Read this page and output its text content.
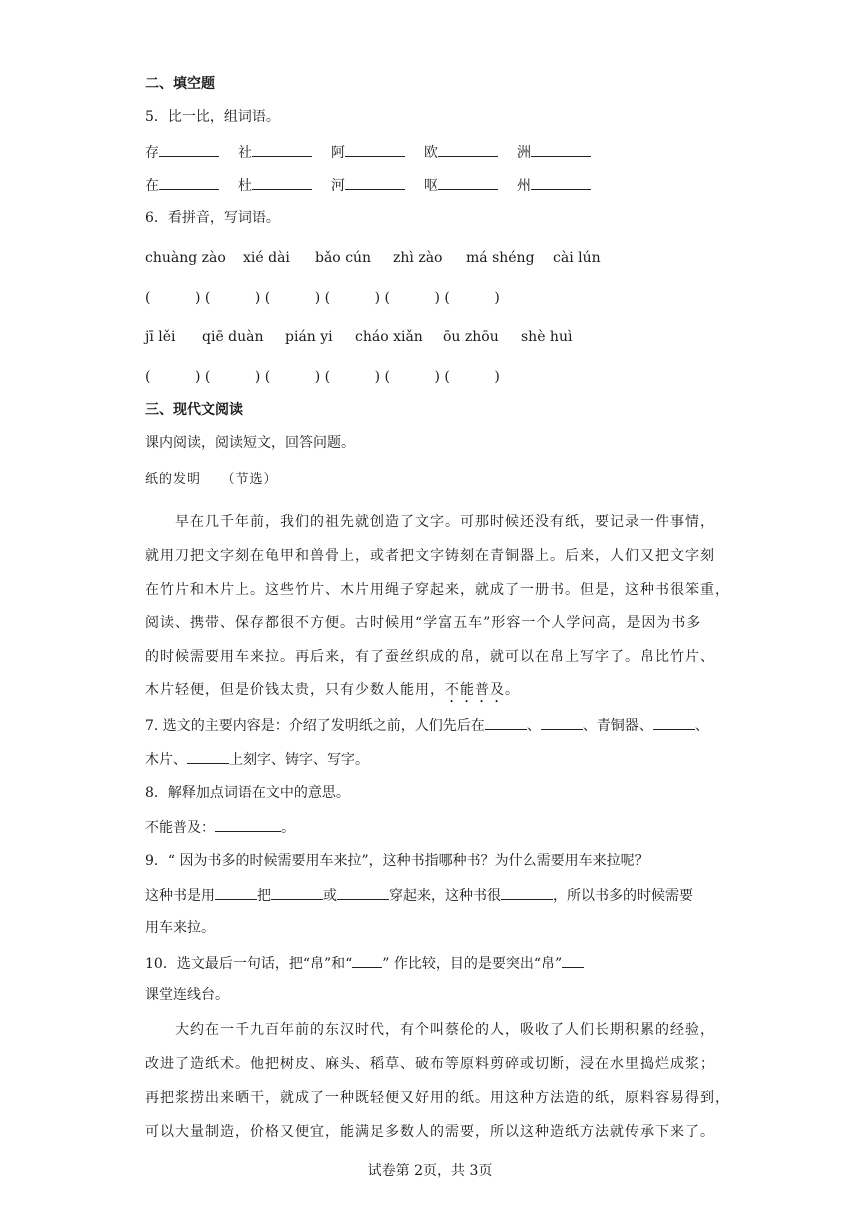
二、填空题
5．比一比，组词语。
存	社	阿	欧	洲
在	杜	河	呕	州
6．看拼音，写词语。
chuàng zào	xié dài	bǎo cún	zhì zào	má shéng	cài lún
(          ) (          ) (          ) (          ) (          ) (          )
jī lěi	qiē duàn	pián yi	cháo xiǎn	ōu zhōu	shè huì
(          ) (          ) (          ) (          ) (          ) (          )
三、现代文阅读
课内阅读，阅读短文，回答问题。
纸的发明    （节选）
早在几千年前，我们的祖先就创造了文字。可那时候还没有纸，要记录一件事情，
就用刀把文字刻在龟甲和兽骨上，或者把文字铸刻在青铜器上。后来，人们又把文字刻
在竹片和木片上。这些竹片、木片用绳子穿起来，就成了一册书。但是，这种书很笨重，
阅读、携带、保存都很不方便。古时候用“学富五车”形容一个人学问高，是因为书多
的时候需要用车来拉。再后来，有了蚕丝织成的帛，就可以在帛上写字了。帛比竹片、
木片轻便，但是价钱太贵，只有少数人能用，不能普及。
7. 选文的主要内容是：介绍了发明纸之前，人们先后在	、	、青铜器、	、
木片、	上刻字、铸字、写字。
8．解释加点词语在文中的意思。
不能普及：	。
9．“ 因为书多的时候需要用车来拉”，这种书指哪种书？为什么需要用车来拉呢？
这种书是用	把	或	穿起来，这种书很	，所以书多的时候需要
用车来拉。
10．选文最后一句话，把“帛”和“ ” 作比较，目的是要突出“帛”
课堂连线台。
大约在一千九百年前的东汉时代，有个叫蔡伦的人，吸收了人们长期积累的经验，
改进了造纸术。他把树皮、麻头、稻草、破布等原料剪碎或切断，浸在水里捣烂成浆；
再把浆捞出来晒干，就成了一种既轻便又好用的纸。用这种方法造的纸，原料容易得到，
可以大量制造，价格又便宜，能满足多数人的需要，所以这种造纸方法就传承下来了。
试卷第 2页，共 3页
